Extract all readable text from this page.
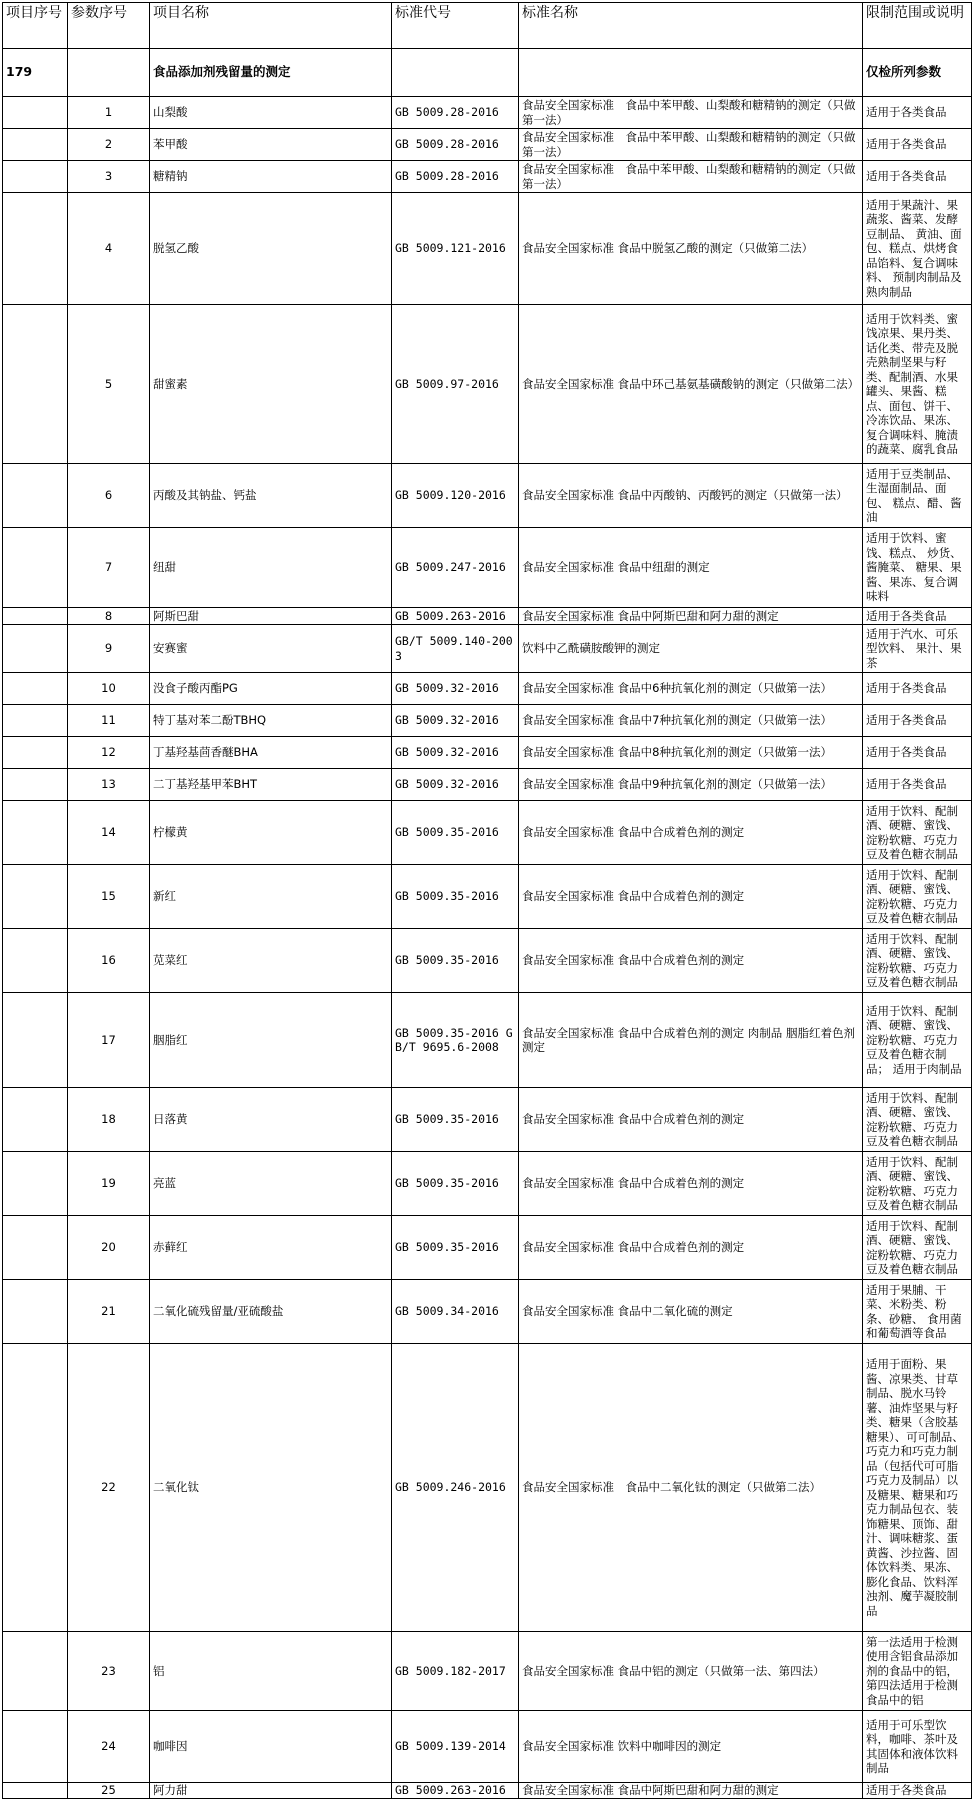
项目序号	参数序号	项目名称	标准代号	标准名称	限制范围或说明
179		食品添加剂残留量的测定			仅检所列参数
	1	山梨酸	GB 5009.28-2016	食品安全国家标准　食品中苯甲酸、山梨酸和糖精钠的测定（只做第一法）	适用于各类食品
	2	苯甲酸	GB 5009.28-2016	食品安全国家标准　食品中苯甲酸、山梨酸和糖精钠的测定（只做第一法）	适用于各类食品
	3	糖精钠	GB 5009.28-2016	食品安全国家标准　食品中苯甲酸、山梨酸和糖精钠的测定（只做第一法）	适用于各类食品
	4	脱氢乙酸	GB 5009.121-2016	食品安全国家标准 食品中脱氢乙酸的测定（只做第二法）	适用于果蔬汁、果蔬浆、酱菜、发酵豆制品、 黄油、面包、糕点、烘烤食品馅料、复合调味料、 预制肉制品及熟肉制品
	5	甜蜜素	GB 5009.97-2016	食品安全国家标准 食品中环己基氨基磺酸钠的测定（只做第二法）	适用于饮料类、蜜饯凉果、果丹类、话化类、带壳及脱壳熟制坚果与籽类、配制酒、水果罐头、果酱、糕点、面包、饼干、冷冻饮品、果冻、复合调味料、腌渍的蔬菜、腐乳食品
	6	丙酸及其钠盐、钙盐	GB 5009.120-2016	食品安全国家标准 食品中丙酸钠、丙酸钙的测定（只做第一法）	适用于豆类制品、生湿面制品、面包、 糕点、醋、酱油
	7	纽甜	GB 5009.247-2016	食品安全国家标准 食品中纽甜的测定	适用于饮料、蜜饯、糕点、 炒货、酱腌菜、 糖果、果酱、果冻、复合调味料
	8	阿斯巴甜	GB 5009.263-2016	食品安全国家标准 食品中阿斯巴甜和阿力甜的测定	适用于各类食品
	9	安赛蜜	GB/T 5009.140-2003	饮料中乙酰磺胺酸钾的测定	适用于汽水、可乐型饮料、 果汁、果茶
	10	没食子酸丙酯PG	GB 5009.32-2016	食品安全国家标准 食品中6种抗氧化剂的测定（只做第一法）	适用于各类食品
	11	特丁基对苯二酚TBHQ	GB 5009.32-2016	食品安全国家标准 食品中7种抗氧化剂的测定（只做第一法）	适用于各类食品
	12	丁基羟基茴香醚BHA	GB 5009.32-2016	食品安全国家标准 食品中8种抗氧化剂的测定（只做第一法）	适用于各类食品
	13	二丁基羟基甲苯BHT	GB 5009.32-2016	食品安全国家标准 食品中9种抗氧化剂的测定（只做第一法）	适用于各类食品
	14	柠檬黄	GB 5009.35-2016	食品安全国家标准 食品中合成着色剂的测定	适用于饮料、配制酒、硬糖、蜜饯、淀粉软糖、巧克力豆及着色糖衣制品
	15	新红	GB 5009.35-2016	食品安全国家标准 食品中合成着色剂的测定	适用于饮料、配制酒、硬糖、蜜饯、淀粉软糖、巧克力豆及着色糖衣制品
	16	苋菜红	GB 5009.35-2016	食品安全国家标准 食品中合成着色剂的测定	适用于饮料、配制酒、硬糖、蜜饯、淀粉软糖、巧克力豆及着色糖衣制品
	17	胭脂红	GB 5009.35-2016 GB/T 9695.6-2008	食品安全国家标准 食品中合成着色剂的测定 肉制品 胭脂红着色剂测定	适用于饮料、配制酒、硬糖、蜜饯、淀粉软糖、巧克力豆及着色糖衣制品； 适用于肉制品
	18	日落黄	GB 5009.35-2016	食品安全国家标准 食品中合成着色剂的测定	适用于饮料、配制酒、硬糖、蜜饯、淀粉软糖、巧克力豆及着色糖衣制品
	19	亮蓝	GB 5009.35-2016	食品安全国家标准 食品中合成着色剂的测定	适用于饮料、配制酒、硬糖、蜜饯、淀粉软糖、巧克力豆及着色糖衣制品
	20	赤藓红	GB 5009.35-2016	食品安全国家标准 食品中合成着色剂的测定	适用于饮料、配制酒、硬糖、蜜饯、淀粉软糖、巧克力豆及着色糖衣制品
	21	二氧化硫残留量/亚硫酸盐	GB 5009.34-2016	食品安全国家标准 食品中二氧化硫的测定	适用于果脯、干菜、米粉类、粉条、砂糖、 食用菌和葡萄酒等食品
	22	二氧化钛	GB 5009.246-2016	食品安全国家标准　食品中二氧化钛的测定（只做第二法）	适用于面粉、果酱、凉果类、甘草制品、脱水马铃薯、油炸坚果与籽类、糖果（含胶基糖果）、可可制品、巧克力和巧克力制品（包括代可可脂巧克力及制品）以及糖果、糖果和巧克力制品包衣、装饰糖果、顶饰、甜汁、调味糖浆、蛋黄酱、沙拉酱、固体饮料类、果冻、膨化食品、饮料浑浊剂、魔芋凝胶制品
	23	铝	GB 5009.182-2017	食品安全国家标准 食品中铝的测定（只做第一法、第四法）	第一法适用于检测使用含铝食品添加剂的食品中的铝，第四法适用于检测食品中的铝
	24	咖啡因	GB 5009.139-2014	食品安全国家标准 饮料中咖啡因的测定	适用于可乐型饮料，咖啡、茶叶及其固体和液体饮料制品
	25	阿力甜	GB 5009.263-2016	食品安全国家标准 食品中阿斯巴甜和阿力甜的测定	适用于各类食品
